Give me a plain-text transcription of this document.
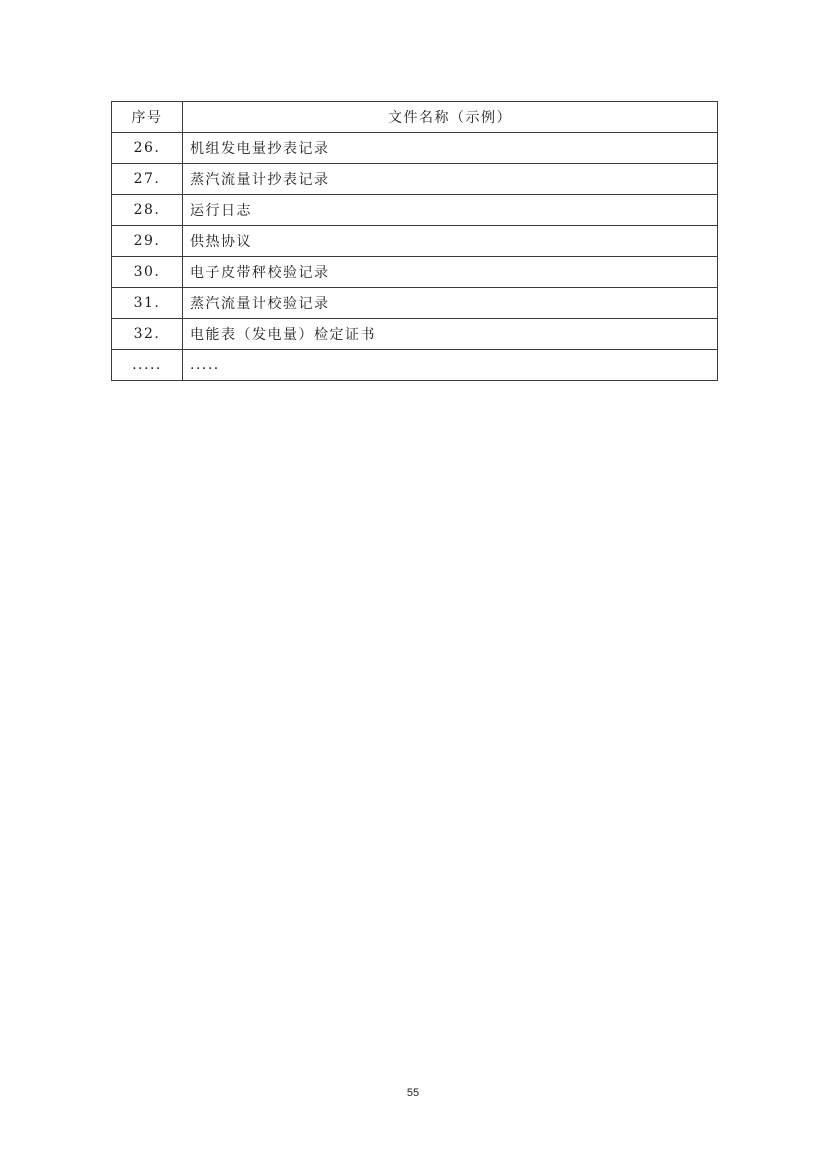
序号	文件名称（示例）
26.	机组发电量抄表记录
27.	蒸汽流量计抄表记录
28.	运行日志
29.	供热协议
30.	电子皮带秤校验记录
31.	蒸汽流量计校验记录
32.	电能表（发电量）检定证书
.....	.....
55
